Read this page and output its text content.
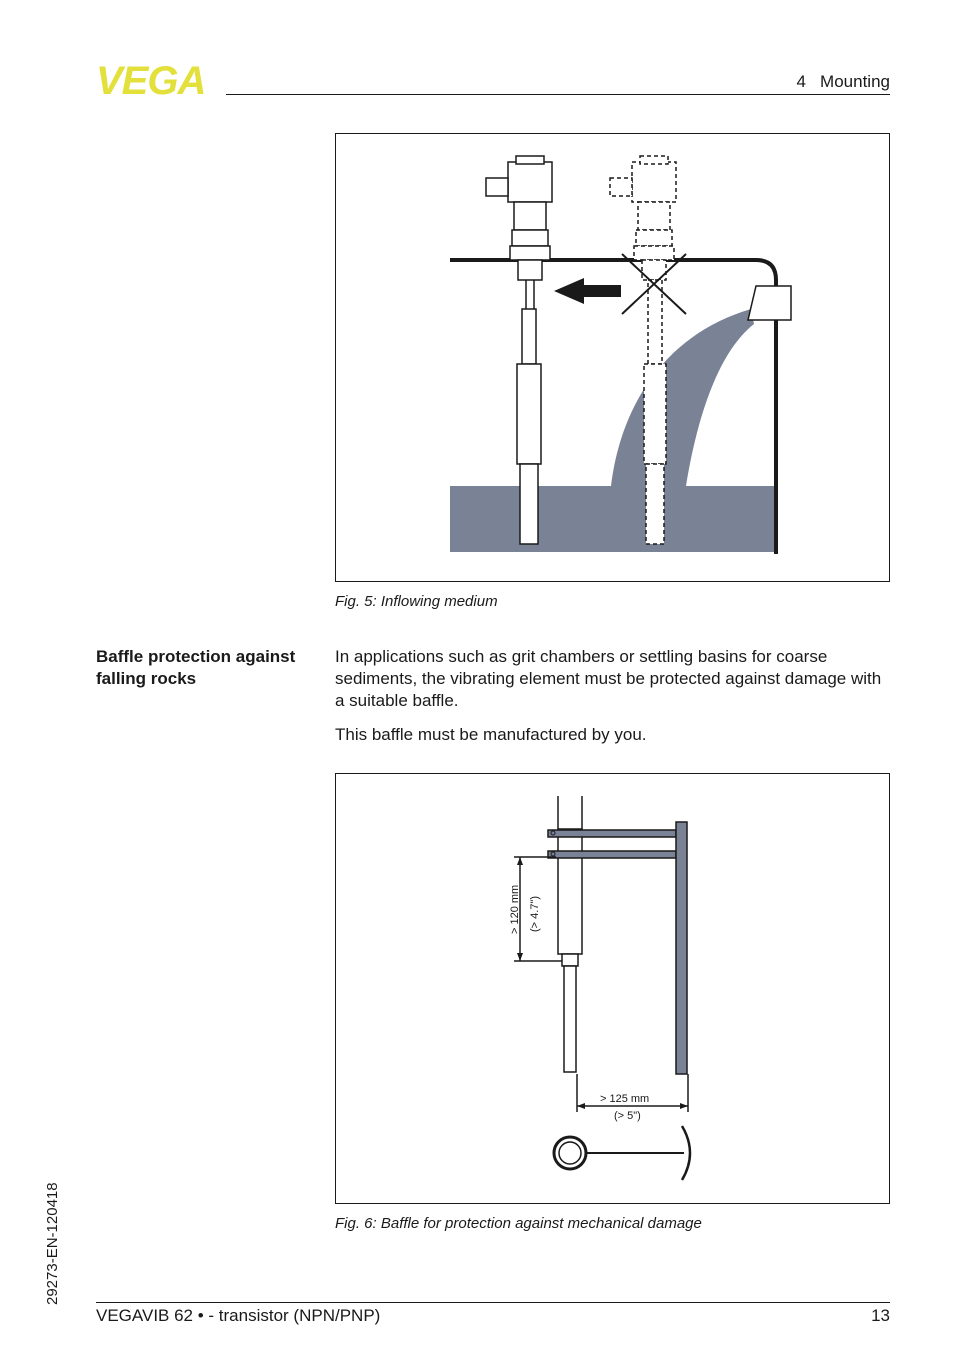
VEGA	4   Mounting
Fig. 5: Inflowing medium
Baffle protection against falling rocks
In applications such as grit chambers or settling basins for coarse sediments, the vibrating element must be protected against damage with a suitable baffle.
This baffle must be manufactured by you.
> 120 mm (> 4.7")
> 125 mm
(> 5")
Fig. 6: Baffle for protection against mechanical damage
29273-EN-120418
VEGAVIB 62 • - transistor (NPN/PNP)	13
